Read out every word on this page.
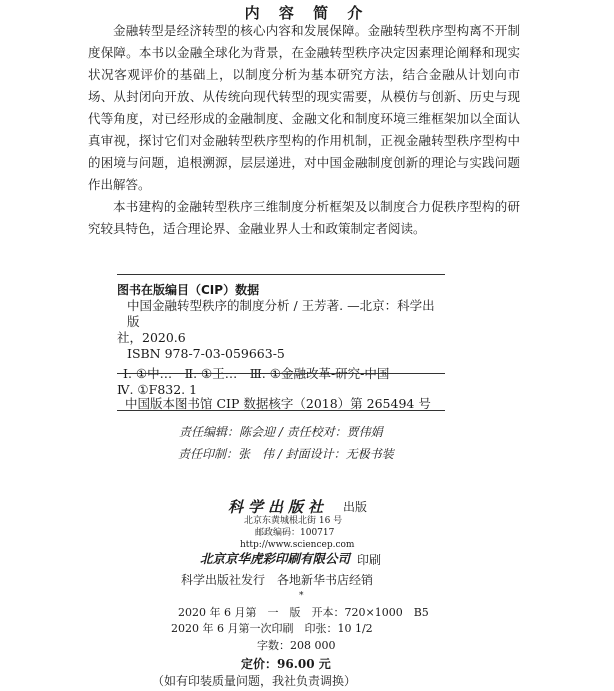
内 容 简 介
金融转型是经济转型的核心内容和发展保障。金融转型秩序型构离不开制度保障。本书以金融全球化为背景，在金融转型秩序决定因素理论阐释和现实状况客观评价的基础上，以制度分析为基本研究方法，结合金融从计划向市场、从封闭向开放、从传统向现代转型的现实需要，从模仿与创新、历史与现代等角度，对已经形成的金融制度、金融文化和制度环境三维框架加以全面认真审视，探讨它们对金融转型秩序型构的作用机制，正视金融转型秩序型构中的困境与问题，追根溯源，层层递进，对中国金融制度创新的理论与实践问题作出解答。
本书建构的金融转型秩序三维制度分析框架及以制度合力促秩序型构的研究较具特色，适合理论界、金融业界人士和政策制定者阅读。
图书在版编目（CIP）数据
中国金融转型秩序的制度分析 / 王芳著. —北京：科学出版
社，2020.6
ISBN 978-7-03-059663-5
Ⅰ. ①中…　Ⅱ. ①王…　Ⅲ. ①金融改革-研究-中国
Ⅳ. ①F832. 1
中国版本图书馆 CIP 数据核字（2018）第 265494 号
责任编辑：陈会迎 / 责任校对：贾伟娟
责任印制：张　伟 / 封面设计：无极书装
科学出版社 出版
北京东黄城根北街 16 号
邮政编码：100717
http://www.sciencep.com
北京京华虎彩印刷有限公司 印刷
科学出版社发行　各地新华书店经销
*
2020 年 6 月第　一　版　开本：720×1000　B5
2020 年 6 月第一次印刷　印张：10 1/2
字数：208 000
定价：96.00 元
（如有印装质量问题，我社负责调换）
